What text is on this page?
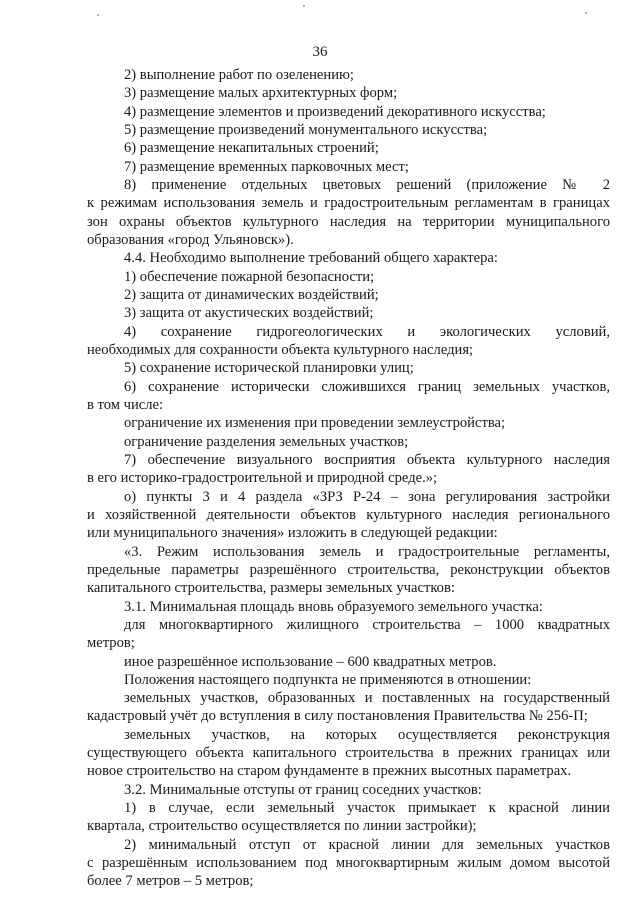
36
2) выполнение работ по озеленению;
3) размещение малых архитектурных форм;
4) размещение элементов и произведений декоративного искусства;
5) размещение произведений монументального искусства;
6) размещение некапитальных строений;
7) размещение временных парковочных мест;
8) применение отдельных цветовых решений (приложение № 2
к режимам использования земель и градостроительным регламентам в границах
зон охраны объектов культурного наследия на территории муниципального
образования «город Ульяновск»).
4.4. Необходимо выполнение требований общего характера:
1) обеспечение пожарной безопасности;
2) защита от динамических воздействий;
3) защита от акустических воздействий;
4) сохранение гидрогеологических и экологических условий,
необходимых для сохранности объекта культурного наследия;
5) сохранение исторической планировки улиц;
6) сохранение исторически сложившихся границ земельных участков,
в том числе:
ограничение их изменения при проведении землеустройства;
ограничение разделения земельных участков;
7) обеспечение визуального восприятия объекта культурного наследия
в его историко-градостроительной и природной среде.»;
о) пункты 3 и 4 раздела «ЗРЗ Р-24 – зона регулирования застройки
и хозяйственной деятельности объектов культурного наследия регионального
или муниципального значения» изложить в следующей редакции:
«3. Режим использования земель и градостроительные регламенты,
предельные параметры разрешённого строительства, реконструкции объектов
капитального строительства, размеры земельных участков:
3.1. Минимальная площадь вновь образуемого земельного участка:
для многоквартирного жилищного строительства – 1000 квадратных
метров;
иное разрешённое использование – 600 квадратных метров.
Положения настоящего подпункта не применяются в отношении:
земельных участков, образованных и поставленных на государственный
кадастровый учёт до вступления в силу постановления Правительства № 256-П;
земельных участков, на которых осуществляется реконструкция
существующего объекта капитального строительства в прежних границах или
новое строительство на старом фундаменте в прежних высотных параметрах.
3.2. Минимальные отступы от границ соседних участков:
1) в случае, если земельный участок примыкает к красной линии
квартала, строительство осуществляется по линии застройки);
2) минимальный отступ от красной линии для земельных участков
с разрешённым использованием под многоквартирным жилым домом высотой
более 7 метров – 5 метров;
